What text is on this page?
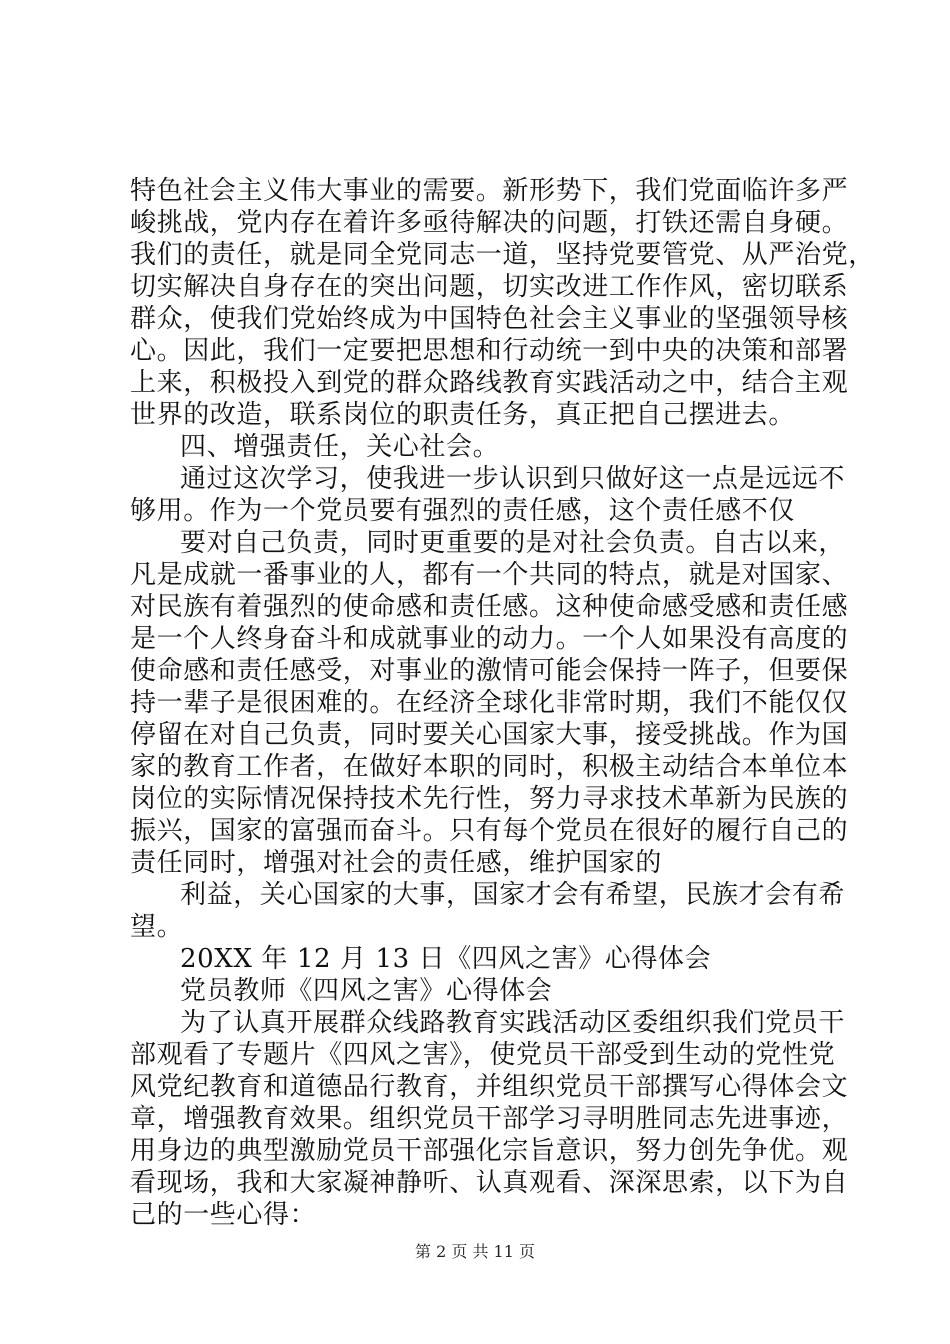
特色社会主义伟大事业的需要。新形势下，我们党面临许多严
峻挑战，党内存在着许多亟待解决的问题，打铁还需自身硬。
我们的责任，就是同全党同志一道，坚持党要管党、从严治党，
切实解决自身存在的突出问题，切实改进工作作风，密切联系
群众，使我们党始终成为中国特色社会主义事业的坚强领导核
心。因此，我们一定要把思想和行动统一到中央的决策和部署
上来，积极投入到党的群众路线教育实践活动之中，结合主观
世界的改造，联系岗位的职责任务，真正把自己摆进去。
四、增强责任，关心社会。
通过这次学习，使我进一步认识到只做好这一点是远远不
够用。作为一个党员要有强烈的责任感，这个责任感不仅
要对自己负责，同时更重要的是对社会负责。自古以来，
凡是成就一番事业的人，都有一个共同的特点，就是对国家、
对民族有着强烈的使命感和责任感。这种使命感受感和责任感
是一个人终身奋斗和成就事业的动力。一个人如果没有高度的
使命感和责任感受，对事业的激情可能会保持一阵子，但要保
持一辈子是很困难的。在经济全球化非常时期，我们不能仅仅
停留在对自己负责，同时要关心国家大事，接受挑战。作为国
家的教育工作者，在做好本职的同时，积极主动结合本单位本
岗位的实际情况保持技术先行性，努力寻求技术革新为民族的
振兴，国家的富强而奋斗。只有每个党员在很好的履行自己的
责任同时，增强对社会的责任感，维护国家的
利益，关心国家的大事，国家才会有希望，民族才会有希
望。
20XX 年 12 月 13 日《四风之害》心得体会
党员教师《四风之害》心得体会
为了认真开展群众线路教育实践活动区委组织我们党员干
部观看了专题片《四风之害》，使党员干部受到生动的党性党
风党纪教育和道德品行教育，并组织党员干部撰写心得体会文
章，增强教育效果。组织党员干部学习寻明胜同志先进事迹，
用身边的典型激励党员干部强化宗旨意识，努力创先争优。观
看现场，我和大家凝神静听、认真观看、深深思索，以下为自
己的一些心得：
第 2 页 共 11 页
